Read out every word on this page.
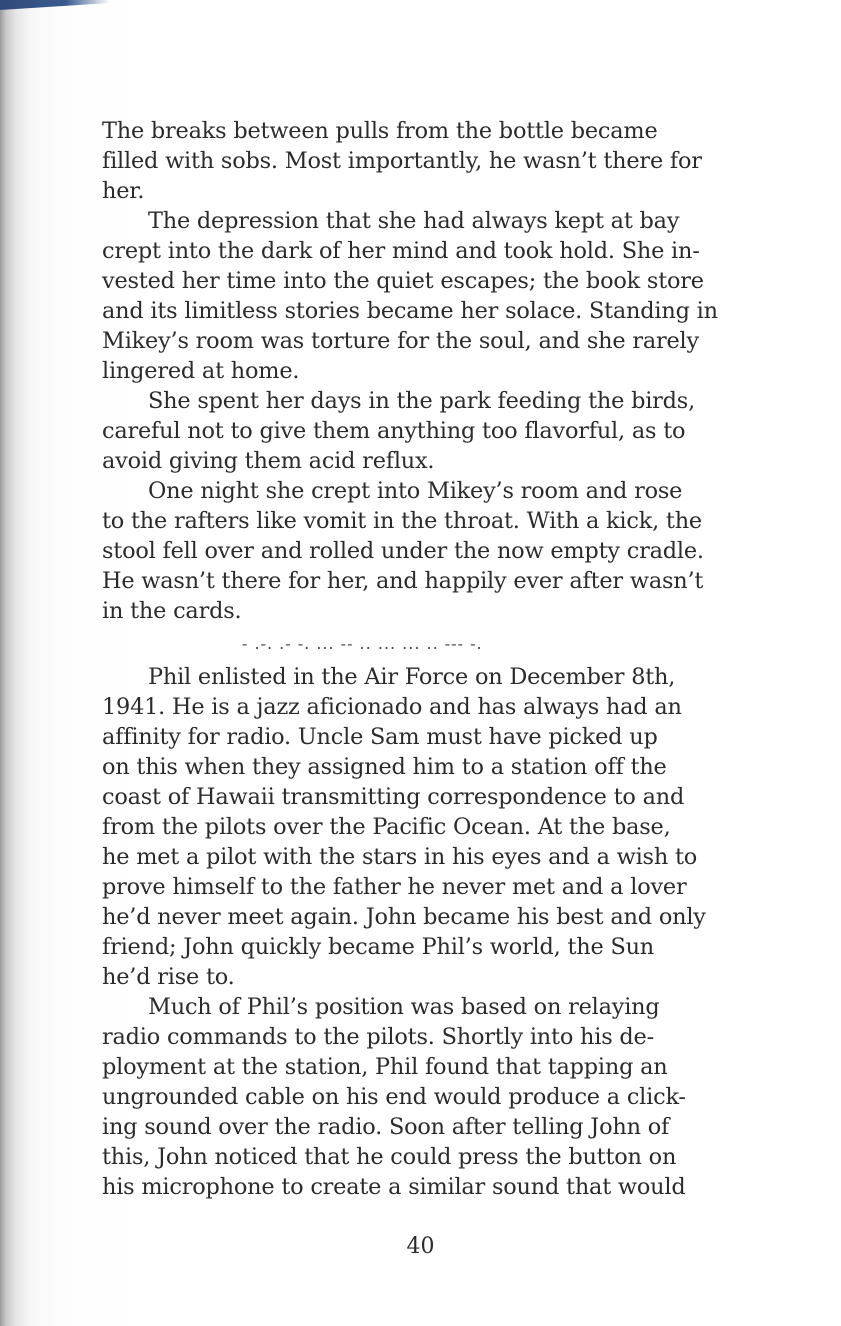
The breaks between pulls from the bottle became
filled with sobs. Most importantly, he wasn’t there for
her.
The depression that she had always kept at bay
crept into the dark of her mind and took hold. She in-
vested her time into the quiet escapes; the book store
and its limitless stories became her solace. Standing in
Mikey’s room was torture for the soul, and she rarely
lingered at home.
She spent her days in the park feeding the birds,
careful not to give them anything too flavorful, as to
avoid giving them acid reflux.
One night she crept into Mikey’s room and rose
to the rafters like vomit in the throat. With a kick, the
stool fell over and rolled under the now empty cradle.
He wasn’t there for her, and happily ever after wasn’t
in the cards.
- .-. .- -. ... -- .. ... ... .. --- -.
Phil enlisted in the Air Force on December 8th,
1941. He is a jazz aficionado and has always had an
affinity for radio. Uncle Sam must have picked up
on this when they assigned him to a station off the
coast of Hawaii transmitting correspondence to and
from the pilots over the Pacific Ocean. At the base,
he met a pilot with the stars in his eyes and a wish to
prove himself to the father he never met and a lover
he’d never meet again. John became his best and only
friend; John quickly became Phil’s world, the Sun
he’d rise to.
Much of Phil’s position was based on relaying
radio commands to the pilots. Shortly into his de-
ployment at the station, Phil found that tapping an
ungrounded cable on his end would produce a click-
ing sound over the radio. Soon after telling John of
this, John noticed that he could press the button on
his microphone to create a similar sound that would
40
